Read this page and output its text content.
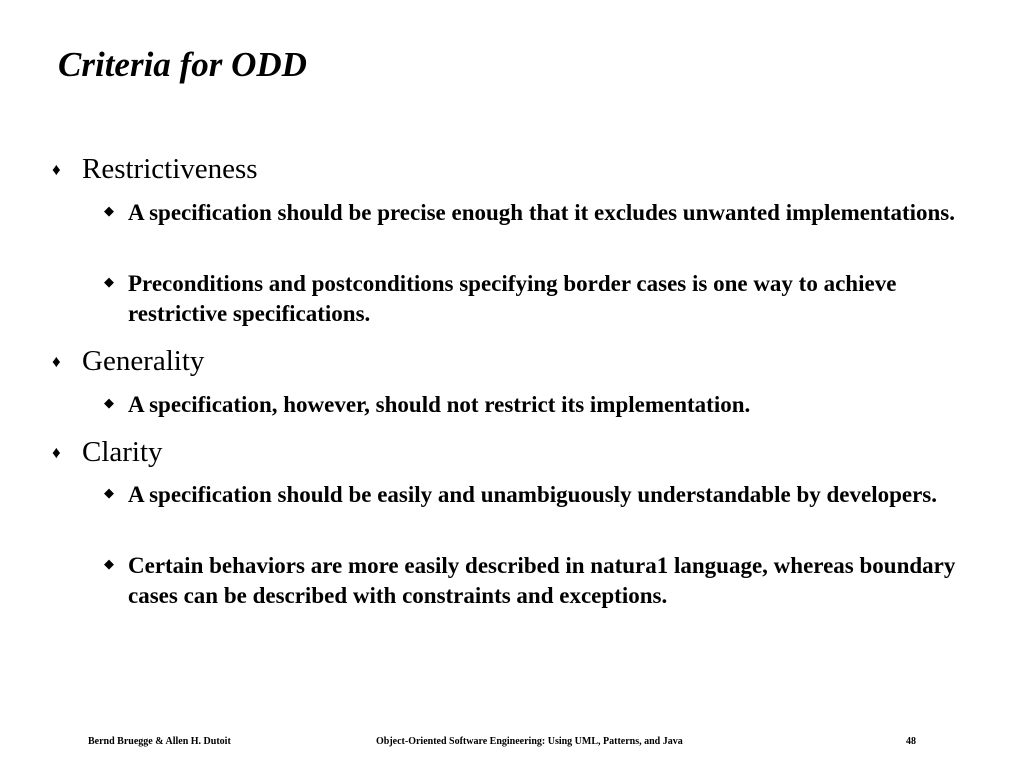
Criteria for ODD
♦ Restrictiveness
◆ A specification should be precise enough that it excludes unwanted implementations.
◆ Preconditions and postconditions specifying border cases is one way to achieve restrictive specifications.
♦ Generality
◆ A specification, however, should not restrict its implementation.
♦ Clarity
◆ A specification should be easily and unambiguously understandable by developers.
◆ Certain behaviors are more easily described in natura1 language, whereas boundary cases can be described with constraints and exceptions.
Bernd Bruegge & Allen H. Dutoit	Object-Oriented Software Engineering: Using UML, Patterns, and Java	48
